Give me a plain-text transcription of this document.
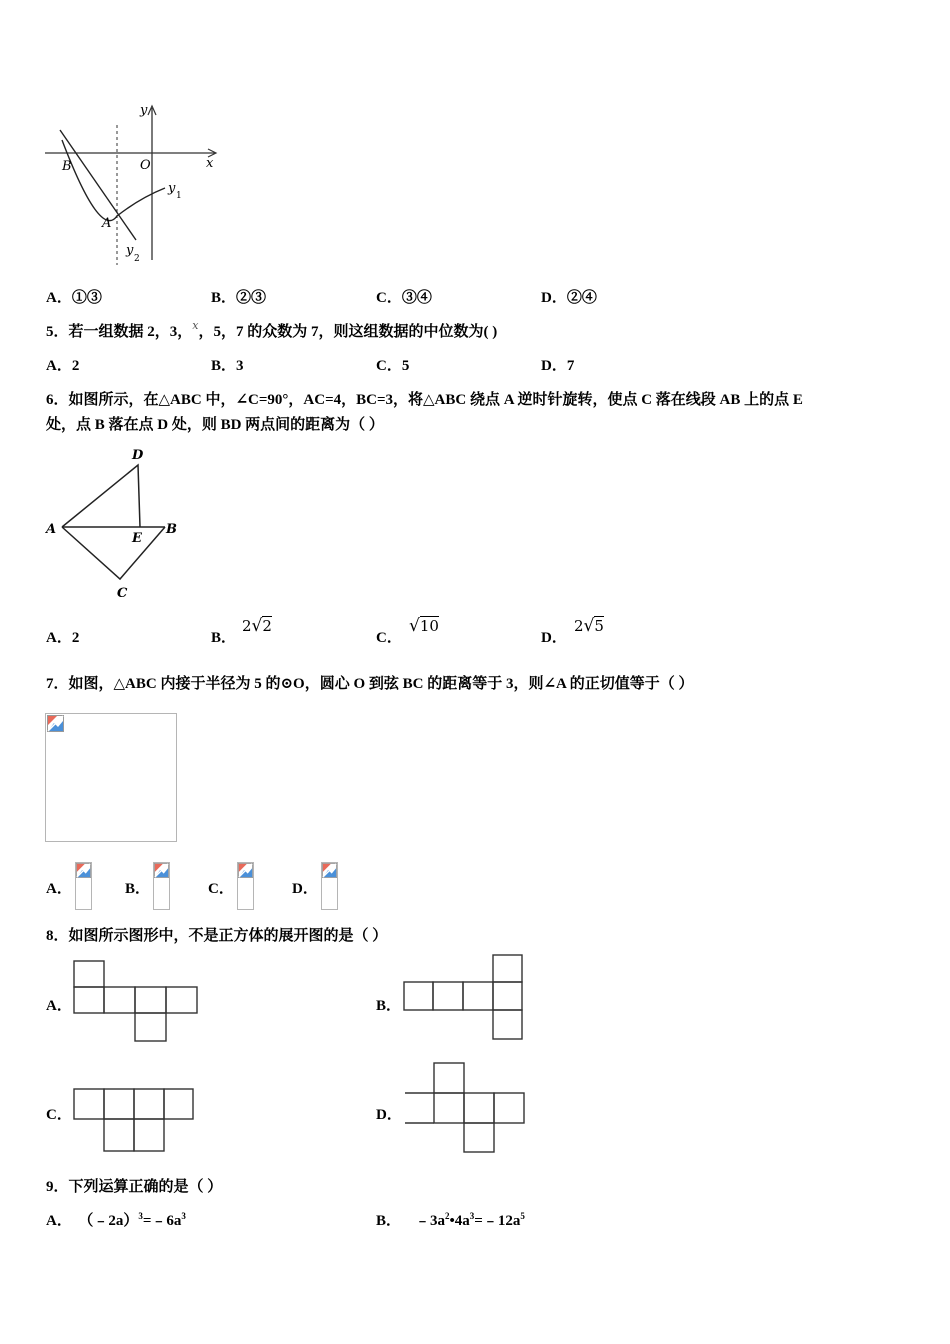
y
x
O
B
A
y 1
y
2
A．①③	B．②③	C．③④	D．②④
5．若一组数据 2，3，$^x$，5，7 的众数为 7，则这组数据的中位数为( )
A．2	B．3	C．5	D．7
6．如图所示，在△ABC 中，∠C=90°，AC=4，BC=3，将△ABC 绕点 A 逆时针旋转，使点 C 落在线段 AB 上的点 E
处，点 B 落在点 D 处，则 BD 两点间的距离为（ ）
D
A
E
B
C
A．2	B．
2√2
C．
√10
D．
2√5
7．如图，△ABC 内接于半径为 5 的⊙O，圆心 O 到弦 BC 的距离等于 3，则∠A 的正切值等于（ ）
A．	B．	C．	D．
8．如图所示图形中，不是正方体的展开图的是（ ）
A．	B．
C．	D．
9．下列运算正确的是（ ）
A． $(﹣2a)^3=﹣6a^3$	B． $﹣3a^2•4a^3=﹣12a^5$
